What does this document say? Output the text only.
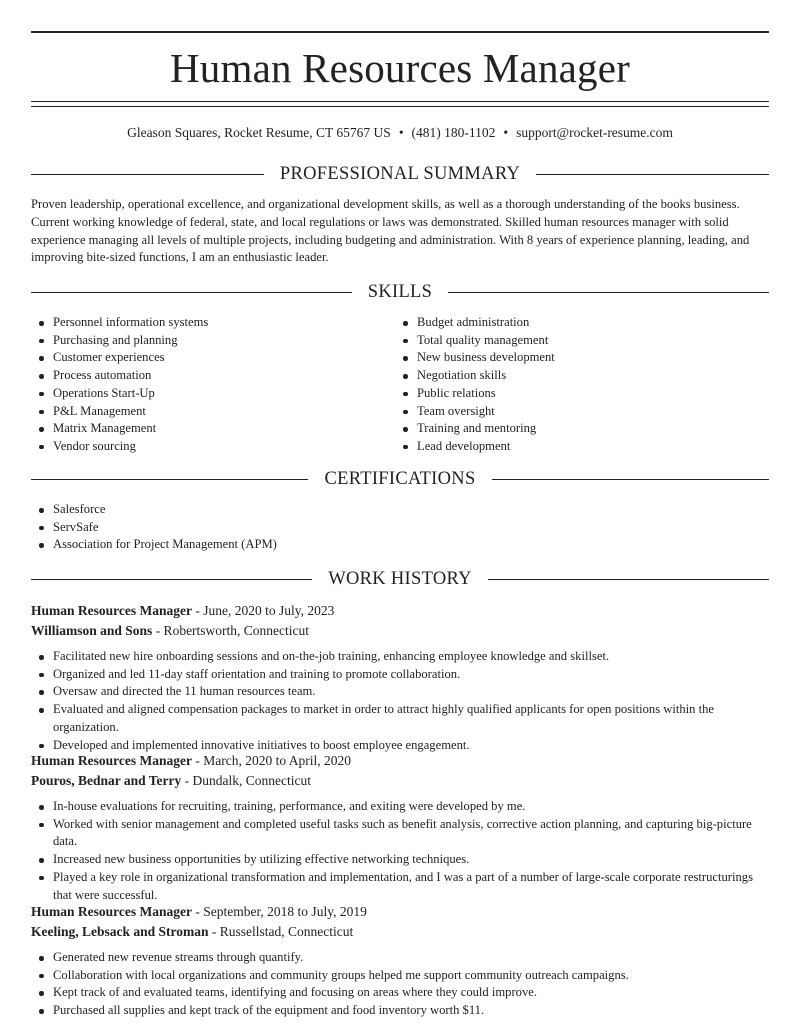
Human Resources Manager
Gleason Squares, Rocket Resume, CT 65767 US • (481) 180-1102 • support@rocket-resume.com
PROFESSIONAL SUMMARY

Proven leadership, operational excellence, and organizational development skills, as well as a thorough understanding of the books business. Current working knowledge of federal, state, and local regulations or laws was demonstrated. Skilled human resources manager with solid experience managing all levels of multiple projects, including budgeting and administration. With 8 years of experience planning, leading, and improving bite-sized functions, I am an enthusiastic leader.

SKILLS
Personnel information systems
Purchasing and planning
Customer experiences
Process automation
Operations Start-Up
P&L Management
Matrix Management
Vendor sourcing
Budget administration
Total quality management
New business development
Negotiation skills
Public relations
Team oversight
Training and mentoring
Lead development
CERTIFICATIONS
Salesforce
ServSafe
Association for Project Management (APM)
WORK HISTORY
Human Resources Manager - June, 2020 to July, 2023
Williamson and Sons - Robertsworth, Connecticut
Facilitated new hire onboarding sessions and on-the-job training, enhancing employee knowledge and skillset.
Organized and led 11-day staff orientation and training to promote collaboration.
Oversaw and directed the 11 human resources team.
Evaluated and aligned compensation packages to market in order to attract highly qualified applicants for open positions within the organization.
Developed and implemented innovative initiatives to boost employee engagement.
Human Resources Manager - March, 2020 to April, 2020
Pouros, Bednar and Terry - Dundalk, Connecticut
In-house evaluations for recruiting, training, performance, and exiting were developed by me.
Worked with senior management and completed useful tasks such as benefit analysis, corrective action planning, and capturing big-picture data.
Increased new business opportunities by utilizing effective networking techniques.
Played a key role in organizational transformation and implementation, and I was a part of a number of large-scale corporate restructurings that were successful.
Human Resources Manager - September, 2018 to July, 2019
Keeling, Lebsack and Stroman - Russellstad, Connecticut
Generated new revenue streams through quantify.
Collaboration with local organizations and community groups helped me support community outreach campaigns.
Kept track of and evaluated teams, identifying and focusing on areas where they could improve.
Purchased all supplies and kept track of the equipment and food inventory worth $11.
